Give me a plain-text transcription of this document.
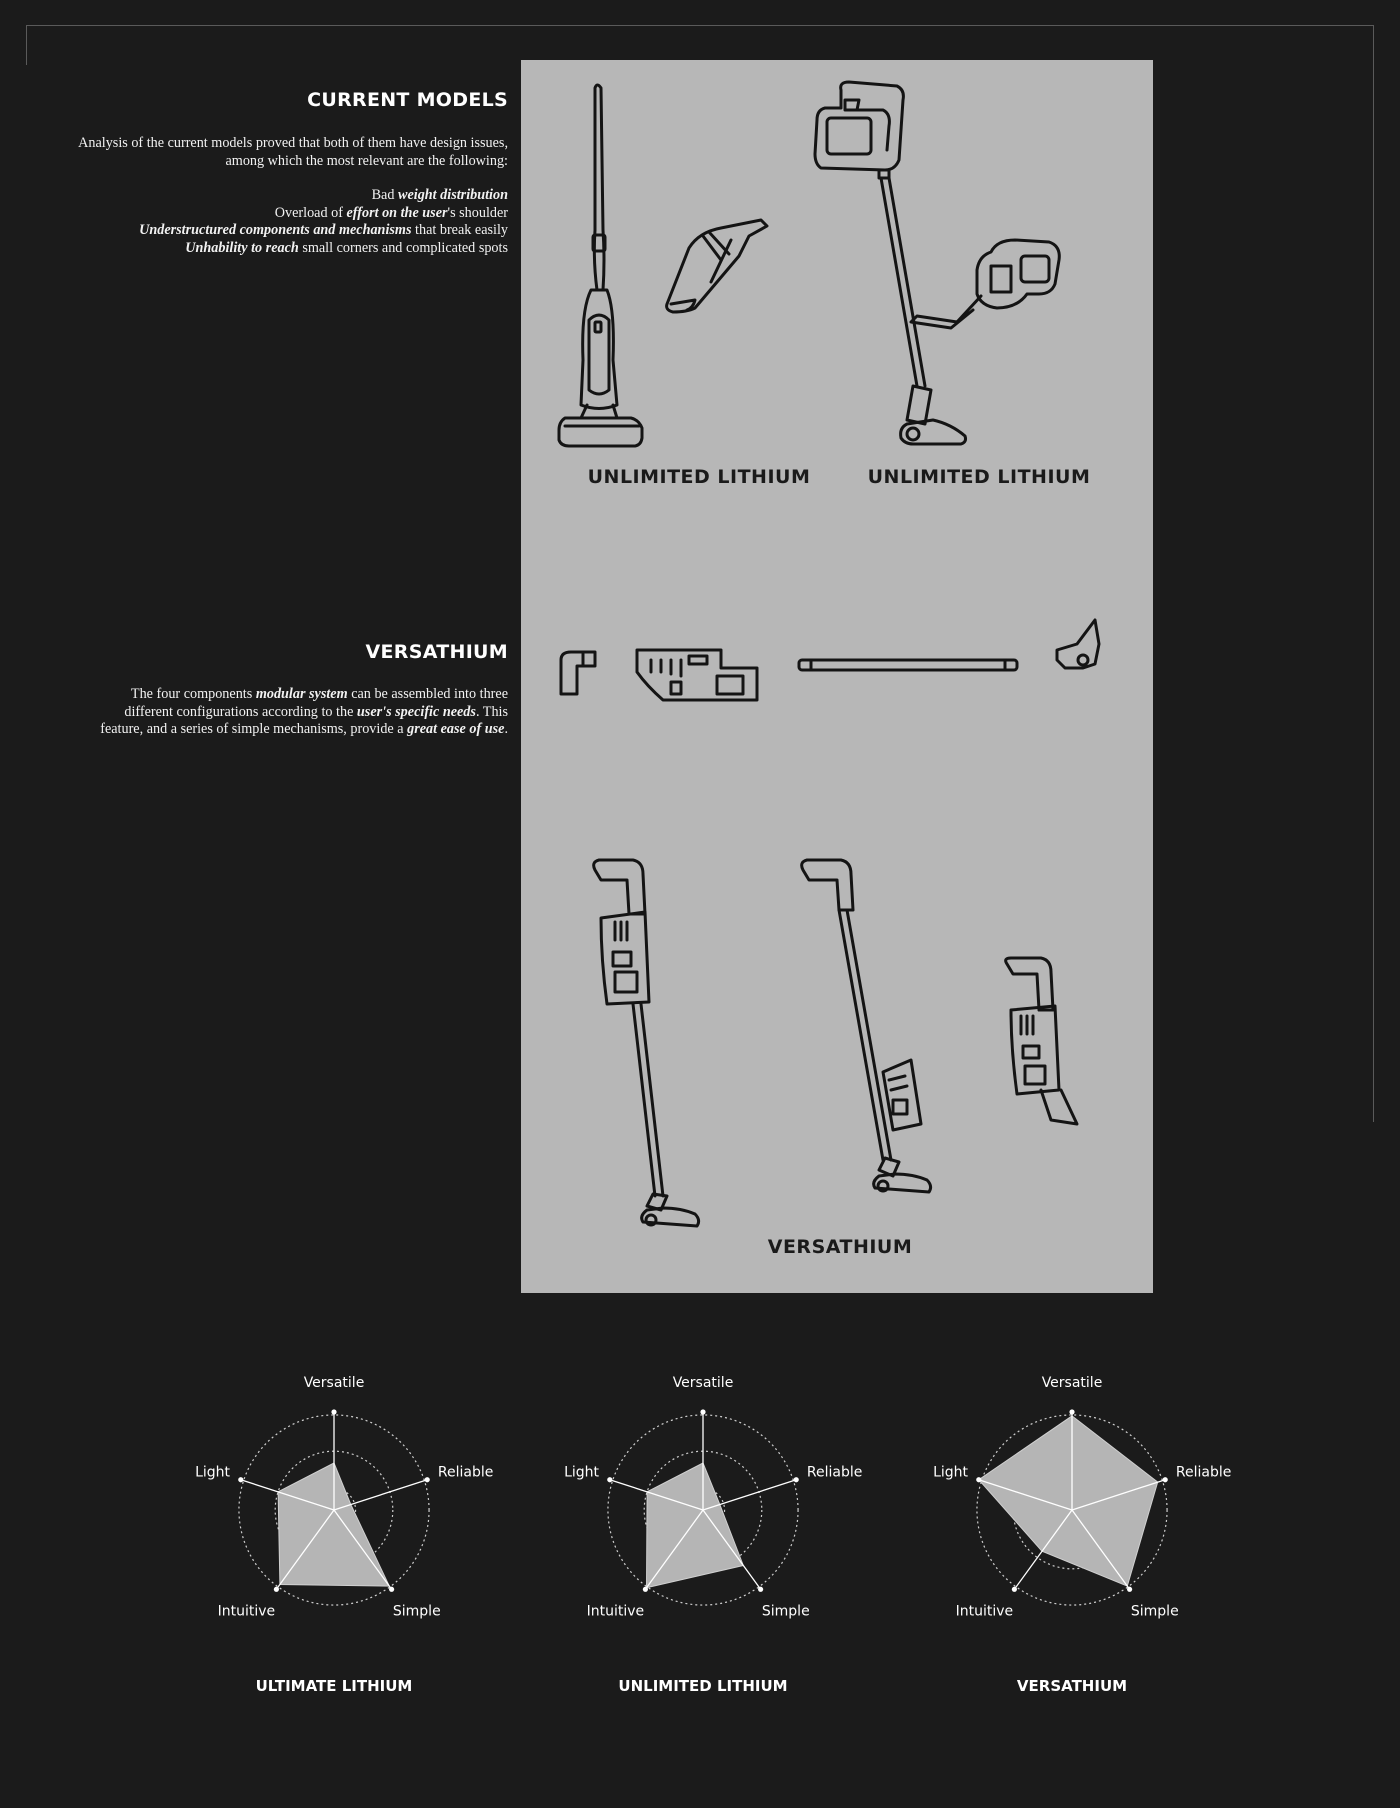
CURRENT MODELS
Analysis of the current models proved that both of them have design issues, among which the most relevant are the following:
Bad weight distribution
Overload of effort on the user's shoulder
Understructured components and mechanisms that break easily
Unhability to reach small corners and complicated spots
VERSATHIUM
The four components modular system can be assembled into three different configurations according to the user's specific needs. This feature, and a series of simple mechanisms, provide a great ease of use.
UNLIMITED LITHIUM	UNLIMITED LITHIUM
VERSATHIUM
Versatile
Reliable
Simple
Intuitive
Light
Versatile
Reliable
Simple
Intuitive
Light
Versatile
Reliable
Simple
Intuitive
Light
ULTIMATE LITHIUM	UNLIMITED LITHIUM	VERSATHIUM
